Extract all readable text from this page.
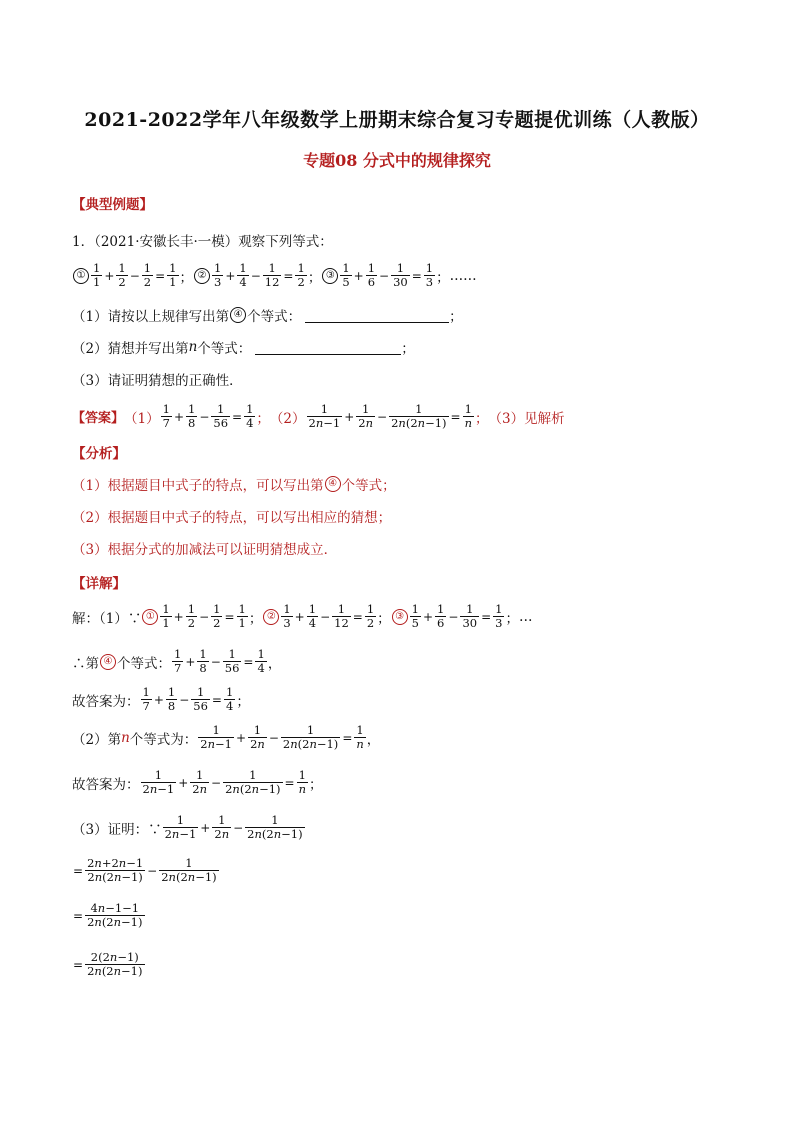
2021-2022学年八年级数学上册期末综合复习专题提优训练（人教版）
专题08 分式中的规律探究
【典型例题】
1．（2021·安徽长丰·一模）观察下列等式：
① $\frac{1}{1} + \frac{1}{2} - \frac{1}{2} = \frac{1}{1}$ ； ② $\frac{1}{3} + \frac{1}{4} - \frac{1}{12} = \frac{1}{2}$ ； ③ $\frac{1}{5} + \frac{1}{6} - \frac{1}{30} = \frac{1}{3}$ ； ……
（1）请按以上规律写出第 ④ 个等式：	；
（2）猜想并写出第 n 个等式：	；
（3）请证明猜想的正确性．
【答案】 $(1) \frac{1}{7} + \frac{1}{8} - \frac{1}{56} = \frac{1}{4}$ ； $(2) \frac{1}{2n-1} + \frac{1}{2n} - \frac{1}{2n(2n-1)} = \frac{1}{n}$ ； （3）见解析
【分析】
（1）根据题目中式子的特点，可以写出第 ④ 个等式；
（2）根据题目中式子的特点，可以写出相应的猜想；
（3）根据分式的加减法可以证明猜想成立．
【详解】
解：（1）∵ ① $\frac{1}{1} + \frac{1}{2} - \frac{1}{2} = \frac{1}{1}$ ； ② $\frac{1}{3} + \frac{1}{4} - \frac{1}{12} = \frac{1}{2}$ ； ③ $\frac{1}{5} + \frac{1}{6} - \frac{1}{30} = \frac{1}{3}$ ； …
∴第 ④ 个等式： $\frac{1}{7} + \frac{1}{8} - \frac{1}{56} = \frac{1}{4}$ ，
故答案为： $\frac{1}{7} + \frac{1}{8} - \frac{1}{56} = \frac{1}{4}$ ；
（2）第 n 个等式为： $\frac{1}{2n-1} + \frac{1}{2n} - \frac{1}{2n(2n-1)} = \frac{1}{n}$ ，
故答案为： $\frac{1}{2n-1} + \frac{1}{2n} - \frac{1}{2n(2n-1)} = \frac{1}{n}$ ；
（3）证明：∵ $\frac{1}{2n-1} + \frac{1}{2n} - \frac{1}{2n(2n-1)}$
= $\frac{2n+2n-1}{2n(2n-1)} - \frac{1}{2n(2n-1)}$
= $\frac{4n-1-1}{2n(2n-1)}$
= $\frac{2(2n-1)}{2n(2n-1)}$
